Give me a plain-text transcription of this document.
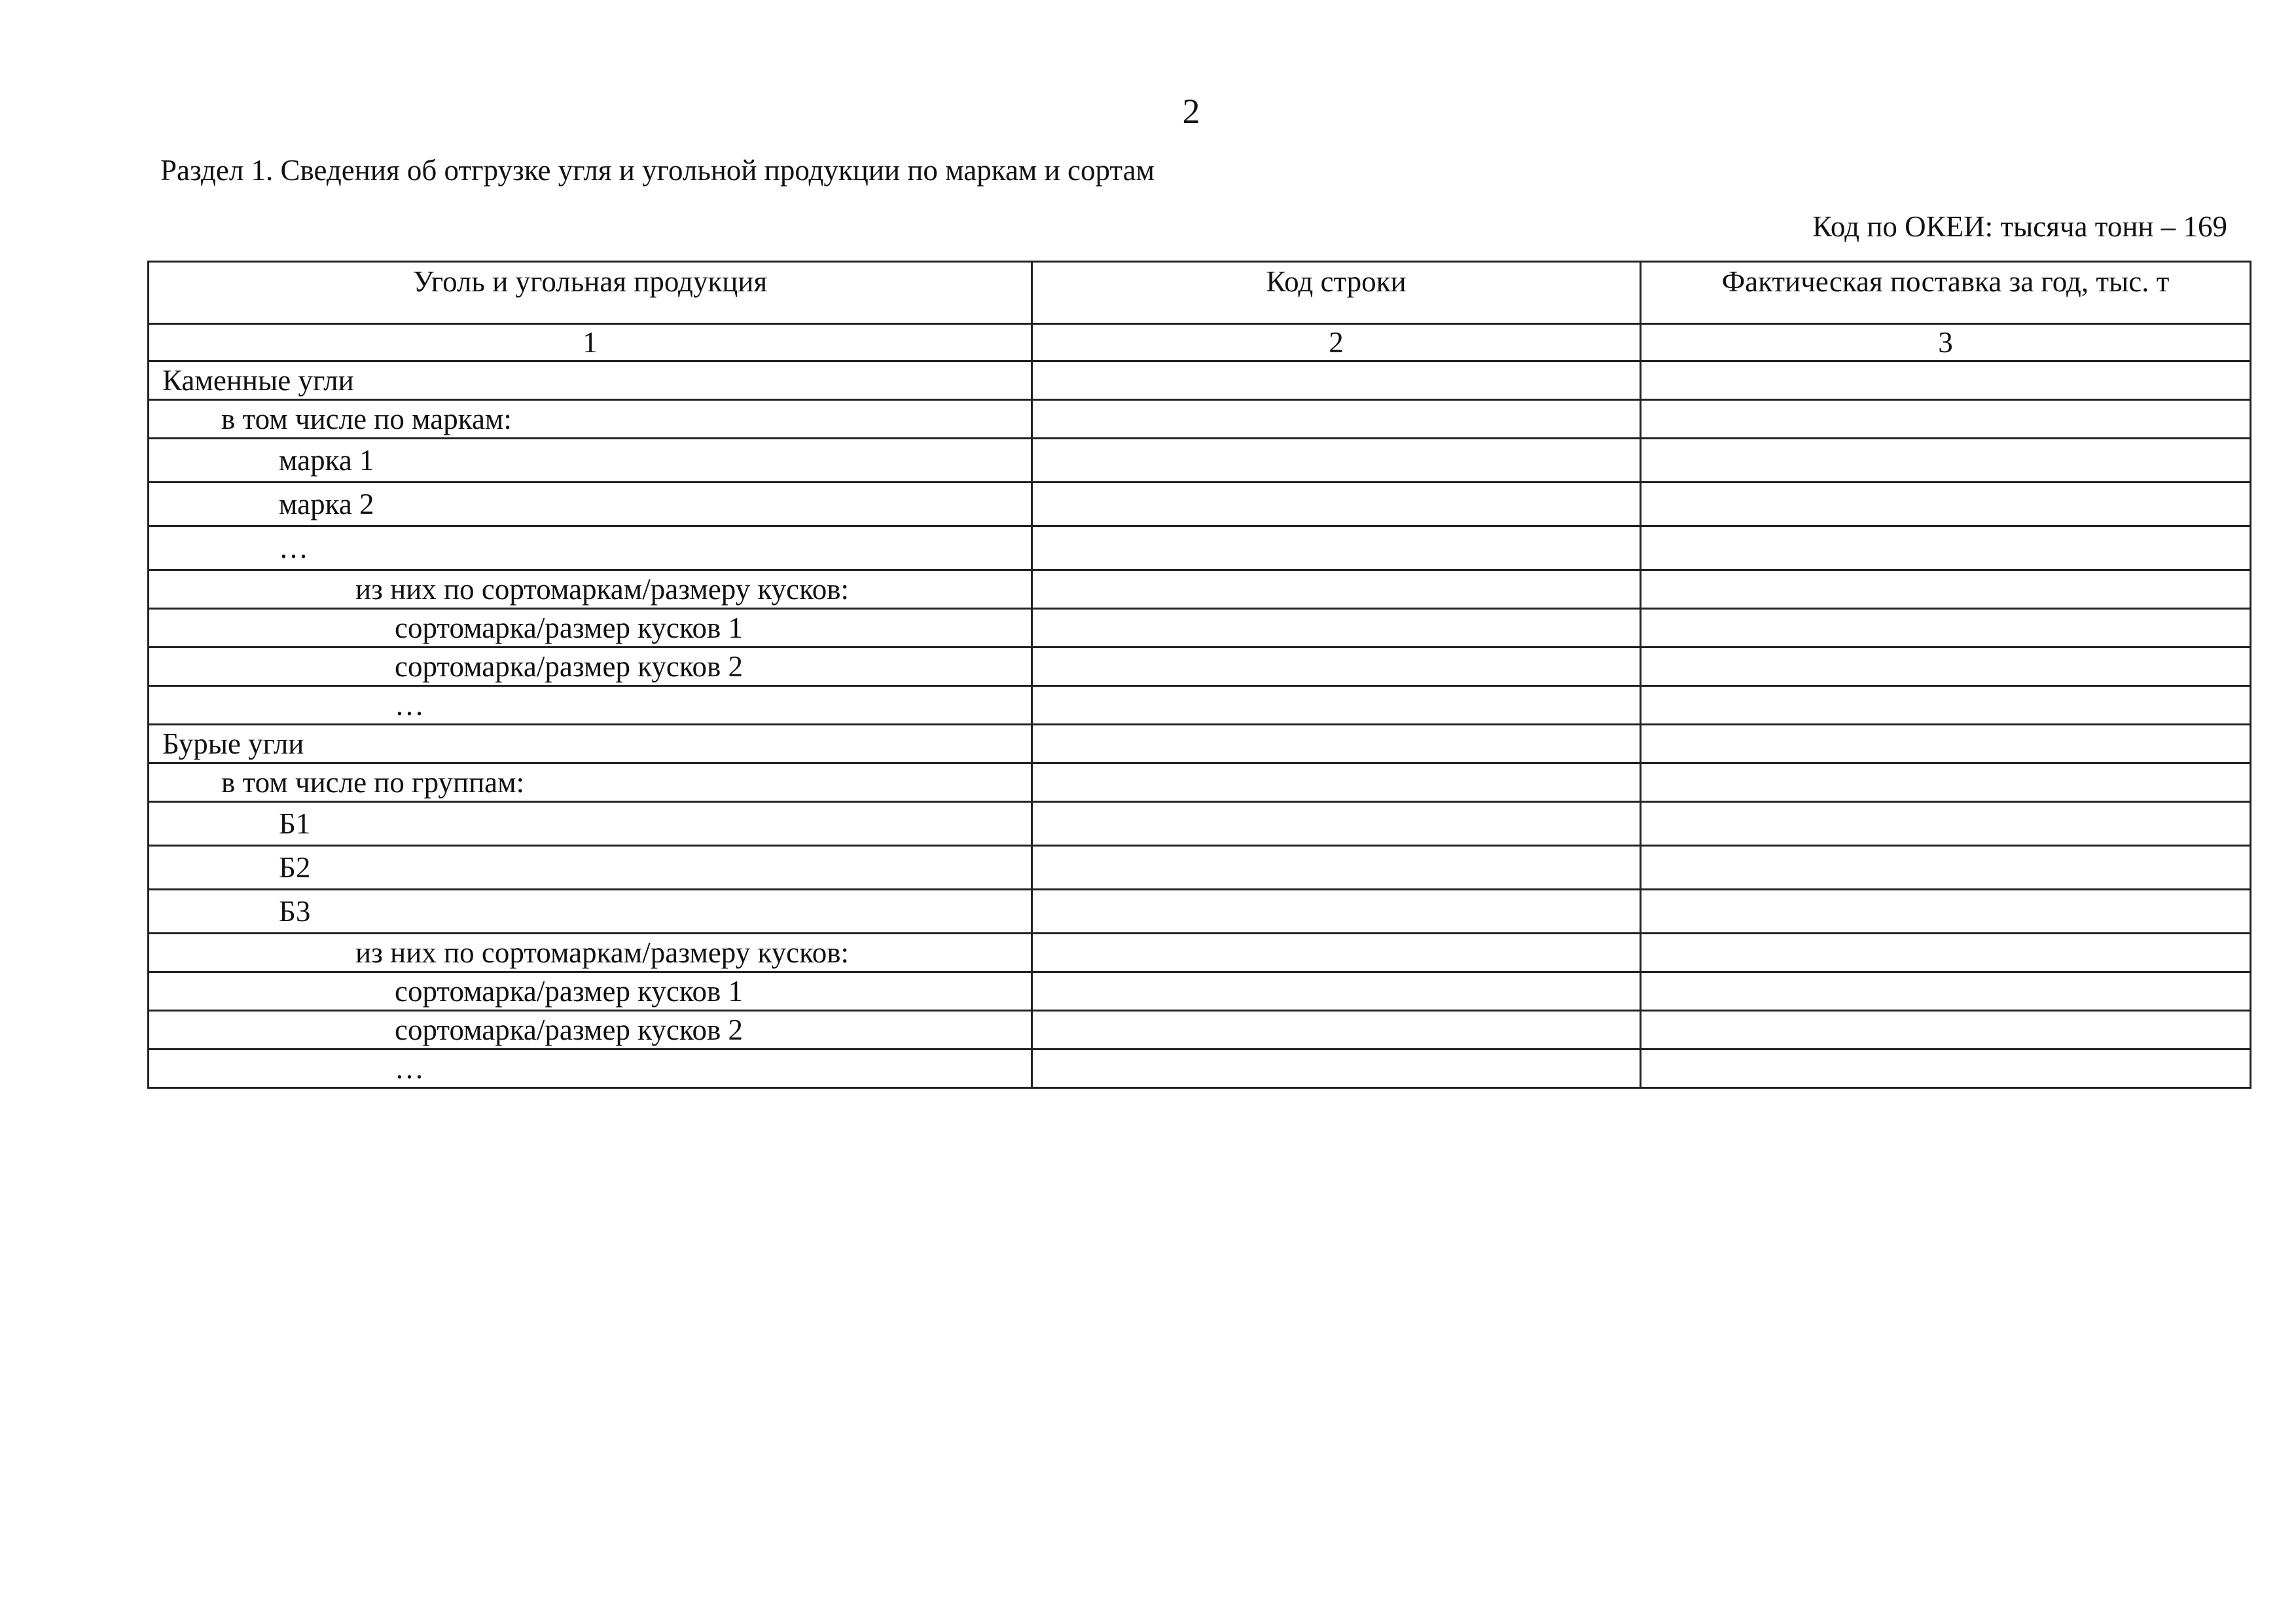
2
Раздел 1. Сведения об отгрузке угля и угольной продукции по маркам и сортам
Код по ОКЕИ: тысяча тонн – 169
Уголь и угольная продукция	Код строки	Фактическая поставка за год, тыс. т
1	2	3
Каменные угли		
в том числе по маркам:		
марка 1		
марка 2		
…		
из них по сортомаркам/размеру кусков:		
сортомарка/размер кусков 1		
сортомарка/размер кусков 2		
…		
Бурые угли		
в том числе по группам:		
Б1		
Б2		
Б3		
из них по сортомаркам/размеру кусков:		
сортомарка/размер кусков 1		
сортомарка/размер кусков 2		
…		
